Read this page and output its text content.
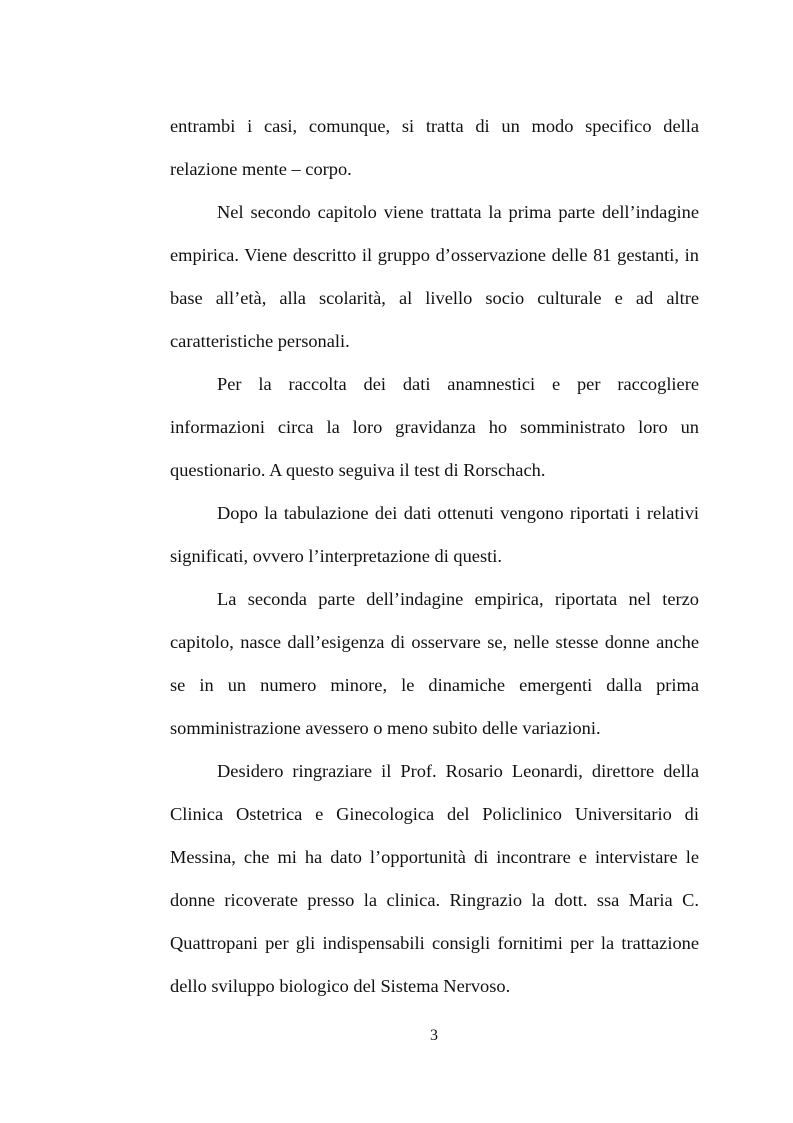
entrambi i casi, comunque, si tratta di un modo specifico della relazione mente – corpo.

Nel secondo capitolo viene trattata la prima parte dell’indagine empirica. Viene descritto il gruppo d’osservazione delle 81 gestanti, in base all’età, alla scolarità, al livello socio culturale e ad altre caratteristiche personali.

Per la raccolta dei dati anamnestici e per raccogliere informazioni circa la loro gravidanza ho somministrato loro un questionario. A questo seguiva il test di Rorschach.

Dopo la tabulazione dei dati ottenuti vengono riportati i relativi significati, ovvero l’interpretazione di questi.

La seconda parte dell’indagine empirica, riportata nel terzo capitolo, nasce dall’esigenza di osservare se, nelle stesse donne anche se in un numero minore, le dinamiche emergenti dalla prima somministrazione avessero o meno subito delle variazioni.

Desidero ringraziare il Prof. Rosario Leonardi, direttore della Clinica Ostetrica e Ginecologica del Policlinico Universitario di Messina, che mi ha dato l’opportunità di incontrare e intervistare le donne ricoverate presso la clinica. Ringrazio la dott. ssa Maria C. Quattropani per gli indispensabili consigli fornitimi per la trattazione dello sviluppo biologico del Sistema Nervoso.

3
